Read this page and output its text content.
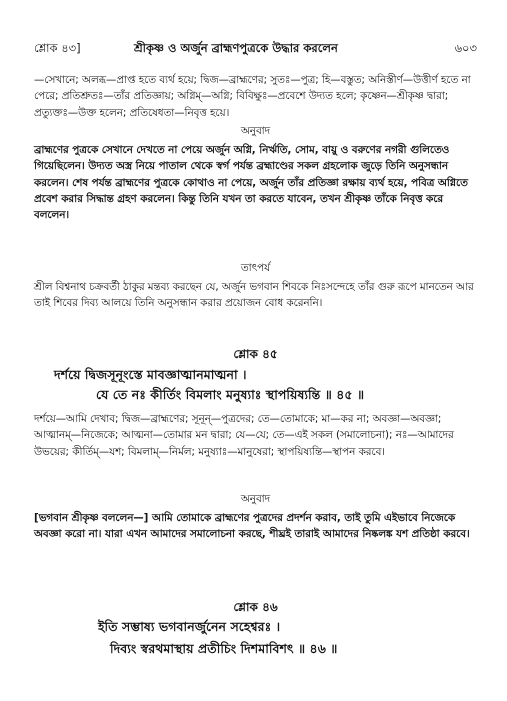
শ্লোক ৪৩]	শ্রীকৃষ্ণ ও অর্জুন ব্রাহ্মণপুত্রকে উদ্ধার করলেন	৬০৩

—সেখানে; অলব্ধ—প্রাপ্ত হতে ব্যর্থ হয়ে; দ্বিজ—ব্রাহ্মণের; সুতঃ—পুত্র; হি—বস্তুত; অনিস্তীর্ণ—উত্তীর্ণ হতে না পেরে; প্রতিশ্রুতঃ—তাঁর প্রতিজ্ঞায়; অগ্নিম্—অগ্নি; বিবিক্ষুঃ—প্রবেশে উদ্যত হলে; কৃষ্ণেন—শ্রীকৃষ্ণ দ্বারা; প্রত্যুক্তঃ—উক্ত হলেন; প্রতিষেধতা—নিবৃত্ত হয়ে।

অনুবাদ

ব্রাহ্মণের পুত্রকে সেখানে দেখতে না পেয়ে অর্জুন অগ্নি, নির্ঋতি, সোম, বায়ু ও বরুণের নগরী গুলিতেও গিয়েছিলেন। উদ্যত অস্ত্র নিয়ে পাতাল থেকে স্বর্গ পর্যন্ত ব্রহ্মাণ্ডের সকল গ্রহলোক জুড়ে তিনি অনুসন্ধান করলেন। শেষ পর্যন্ত ব্রাহ্মণের পুত্রকে কোথাও না পেয়ে, অর্জুন তাঁর প্রতিজ্ঞা রক্ষায় ব্যর্থ হয়ে, পবিত্র অগ্নিতে প্রবেশ করার সিদ্ধান্ত গ্রহণ করলেন। কিন্তু তিনি যখন তা করতে যাবেন, তখন শ্রীকৃষ্ণ তাঁকে নিবৃত্ত করে বললেন।

তাৎপর্য

শ্রীল বিশ্বনাথ চক্রবর্তী ঠাকুর মন্তব্য করছেন যে, অর্জুন ভগবান শিবকে নিঃসন্দেহে তাঁর গুরু রূপে মানতেন আর তাই শিবের দিব্য আলয়ে তিনি অনুসন্ধান করার প্রয়োজন বোধ করেননি।

শ্লোক ৪৫
দর্শয়ে দ্বিজসূনূংস্তে মাবজ্ঞাত্মানমাত্মনা ।
যে তে নঃ কীর্তিং বিমলাং মনুষ্যাঃ স্থাপয়িষ্যন্তি ॥ ৪৫ ॥

দর্শয়ে—আমি দেখাব; দ্বিজ—ব্রাহ্মণের; সূনূন্—পুত্রদের; তে—তোমাকে; মা—কর না; অবজ্ঞা—অবজ্ঞা; আত্মানম্—নিজেকে; আত্মনা—তোমার মন দ্বারা; যে—যে; তে—এই সকল (সমালোচনা); নঃ—আমাদের উভয়ের; কীর্তিম্—যশ; বিমলাম্—নির্মল; মনুষ্যাঃ—মানুষেরা; স্থাপয়িষ্যন্তি—স্থাপন করবে।

অনুবাদ

[ভগবান শ্রীকৃষ্ণ বললেন—] আমি তোমাকে ব্রাহ্মণের পুত্রদের প্রদর্শন করাব, তাই তুমি এইভাবে নিজেকে অবজ্ঞা করো না। যারা এখন আমাদের সমালোচনা করছে, শীঘ্রই তারাই আমাদের নিষ্কলঙ্ক যশ প্রতিষ্ঠা করবে।

শ্লোক ৪৬
ইতি সম্ভাষ্য ভগবানর্জুনেন সহেশ্বরঃ ।
দিব্যং স্বরথমাস্থায় প্রতীচিং দিশমাবিশৎ ॥ ৪৬ ॥
